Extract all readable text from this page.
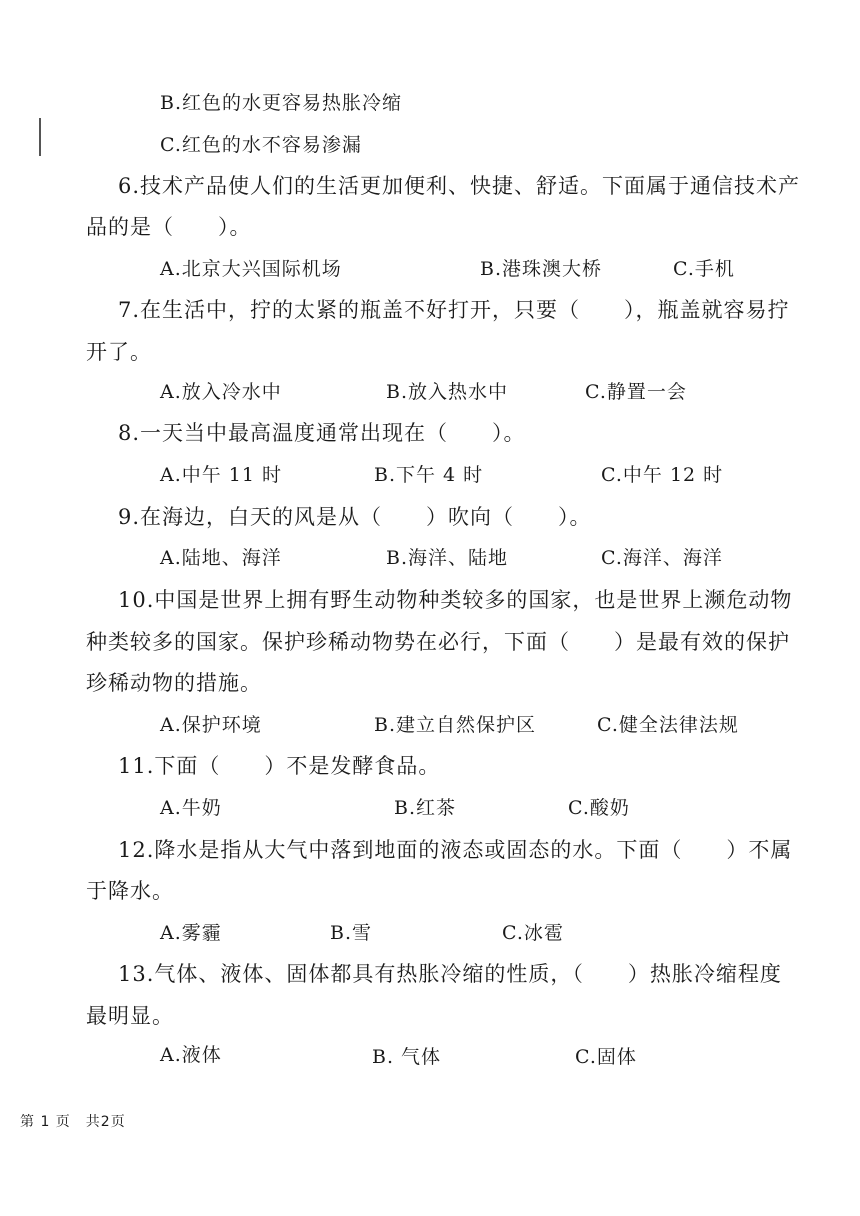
B.红色的水更容易热胀冷缩
C.红色的水不容易渗漏
6.技术产品使人们的生活更加便利、快捷、舒适。下面属于通信技术产
品的是（　　）。
A.北京大兴国际机场	B.港珠澳大桥	C.手机
7.在生活中，拧的太紧的瓶盖不好打开，只要（　　），瓶盖就容易拧
开了。
A.放入冷水中	B.放入热水中	C.静置一会
8.一天当中最高温度通常出现在（　　）。
A.中午 11 时	B.下午 4 时	C.中午 12 时
9.在海边，白天的风是从（　　）吹向（　　）。
A.陆地、海洋	B.海洋、陆地	C.海洋、海洋
10.中国是世界上拥有野生动物种类较多的国家，也是世界上濒危动物
种类较多的国家。保护珍稀动物势在必行，下面（　　）是最有效的保护
珍稀动物的措施。
A.保护环境	B.建立自然保护区	C.健全法律法规
11.下面（　　）不是发酵食品。
A.牛奶	B.红茶	C.酸奶
12.降水是指从大气中落到地面的液态或固态的水。下面（　　）不属
于降水。
A.雾霾	B.雪	C.冰雹
13.气体、液体、固体都具有热胀冷缩的性质，（　　）热胀冷缩程度
最明显。
A.液体	B. 气体	C.固体
第 1 页　共2页
